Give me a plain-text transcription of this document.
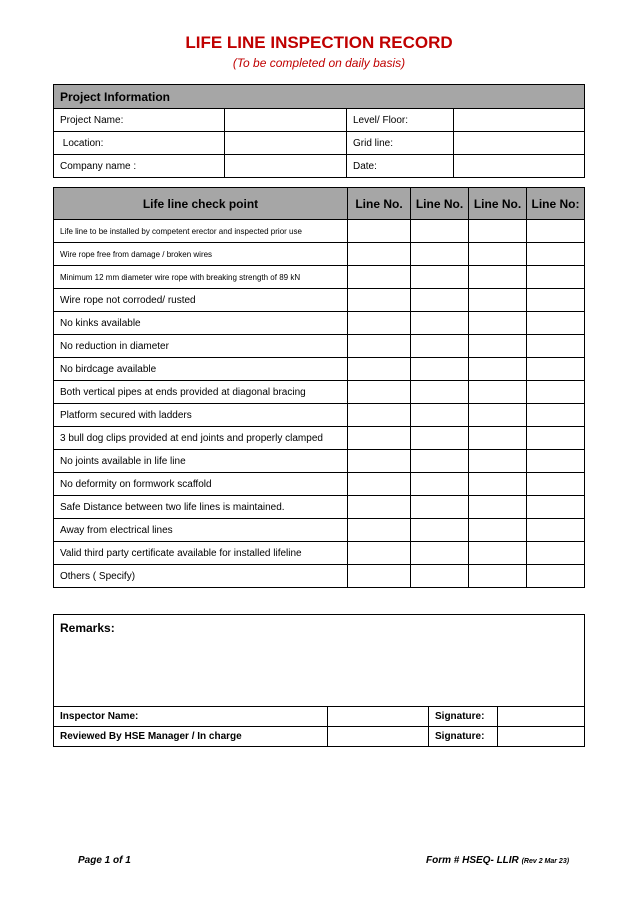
LIFE LINE INSPECTION RECORD
(To be completed on daily basis)
Project Information			
Project Name:		Level/ Floor:	
Location:		Grid line:	
Company name :		Date:	
Life line check point	Line No.	Line No.	Line No.	Line No:
Life line to be installed by competent erector and inspected prior use				
Wire rope free from damage / broken wires				
Minimum 12 mm diameter wire rope with breaking strength of 89 kN				
Wire rope not corroded/ rusted				
No kinks available				
No reduction in diameter				
No birdcage available				
Both vertical pipes at ends provided at diagonal bracing				
Platform secured with ladders				
3 bull dog clips provided at end joints and properly clamped				
No joints available in life line				
No deformity on formwork scaffold				
Safe Distance between two life lines is maintained.				
Away from electrical lines				
Valid third party certificate available for installed lifeline				
Others ( Specify)				
Remarks:			
Inspector Name:		Signature:	
Reviewed By HSE Manager / In charge		Signature:	
Page 1 of 1	Form # HSEQ- LLIR (Rev 2 Mar 23)
